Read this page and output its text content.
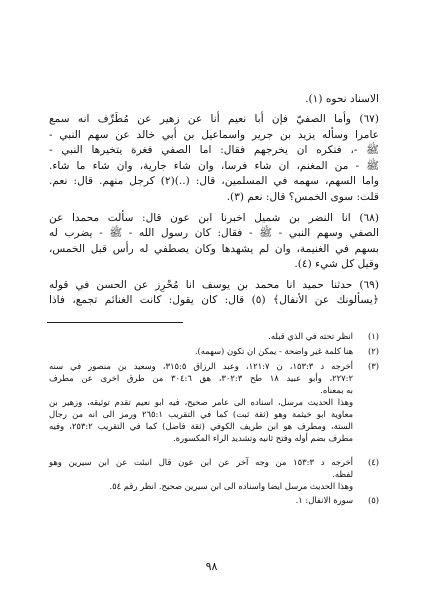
الاسناد نحوه (١).
(٦٧) وأما الصفيّ فإن أبا نعيم أنا عن زهير عن مُطَرِّف انه سمع
عامرا وسأله يزيد بن جرير واسماعيل بن أبي خالد عن سهم النبي -
ﷺ -، فنكره ان يخرجهم فقال: اما الصفي فغرة يتخيرها النبي -
ﷺ - من المغنم، ان شاء فرسا، وان شاء جارية، وان شاء ما شاء.
واما السهم، سهمه في المسلمين، قال: (..)(٢) كرجل منهم. قال: نعم.
قلت: سوى الخمس؟ قال: نعم (٣).
(٦٨) انا النضر بن شميل اخبرنا ابن عون قال: سألت محمدا عن
الصفي وسهم النبي - ﷺ - فقال: كان رسول الله - ﷺ - يضرب له
بسهم في الغنيمة، وان لم يشهدها وكان يصطفي له رأس قبل الخمس،
وقيل كل شيء (٤).
(٦٩) حدثنا حميد انا محمد بن يوسف انا مُحْرِز عن الحسن في قوله
﴿يسألونك عن الأنفال﴾ (٥) قال: كان يقول: كانت الغنائم تجمع، فاذا
(١)
انظر تحته في الذي قبله.
(٢)
هنا كلمة غير واضحة - يمكن ان تكون (سهمه).
(٣)
أخرجه د ١٥٣:٣، ن ١٢١:٧، وعبد الرزاق ٣١٥:٥، وسعيد بن منصور في سنه
٢٢٧:٢، وأبو عبيد ١٨ طح ٣٠٢:٣، هق ٣٠٤:٦ من طرق اخرى عن مطرف
به بمعناه.
وهذا الحديث مرسل، اسناده الى عامر صحيح، فيه ابو نعيم تقدم توثيقه، وزهير بن
معاوية ابو خيثمة وهو (ثقة ثبت) كما في التقريب ٢٦٥:١ ورمز الى انه من رجال
الستة، ومطرف هو ابن طريف الكوفي (ثقة فاضل) كما في التقريب ٢٥٣:٢، وفيه
مطرف بضم أوله وفتح ثانيه وتشديد الراء المكسورة.
(٤)
أخرجه د ١٥٣:٣ من وجه آخر عن ابن عون قال انبئت عن ابن سيرين وهو
لفظه.
وهذا الحديث مرسل ايضا واسناده الى ابن سيرين صحيح. انظر رقم ٥٤.
(٥)
سورة الانفال: ١.
٩٨
